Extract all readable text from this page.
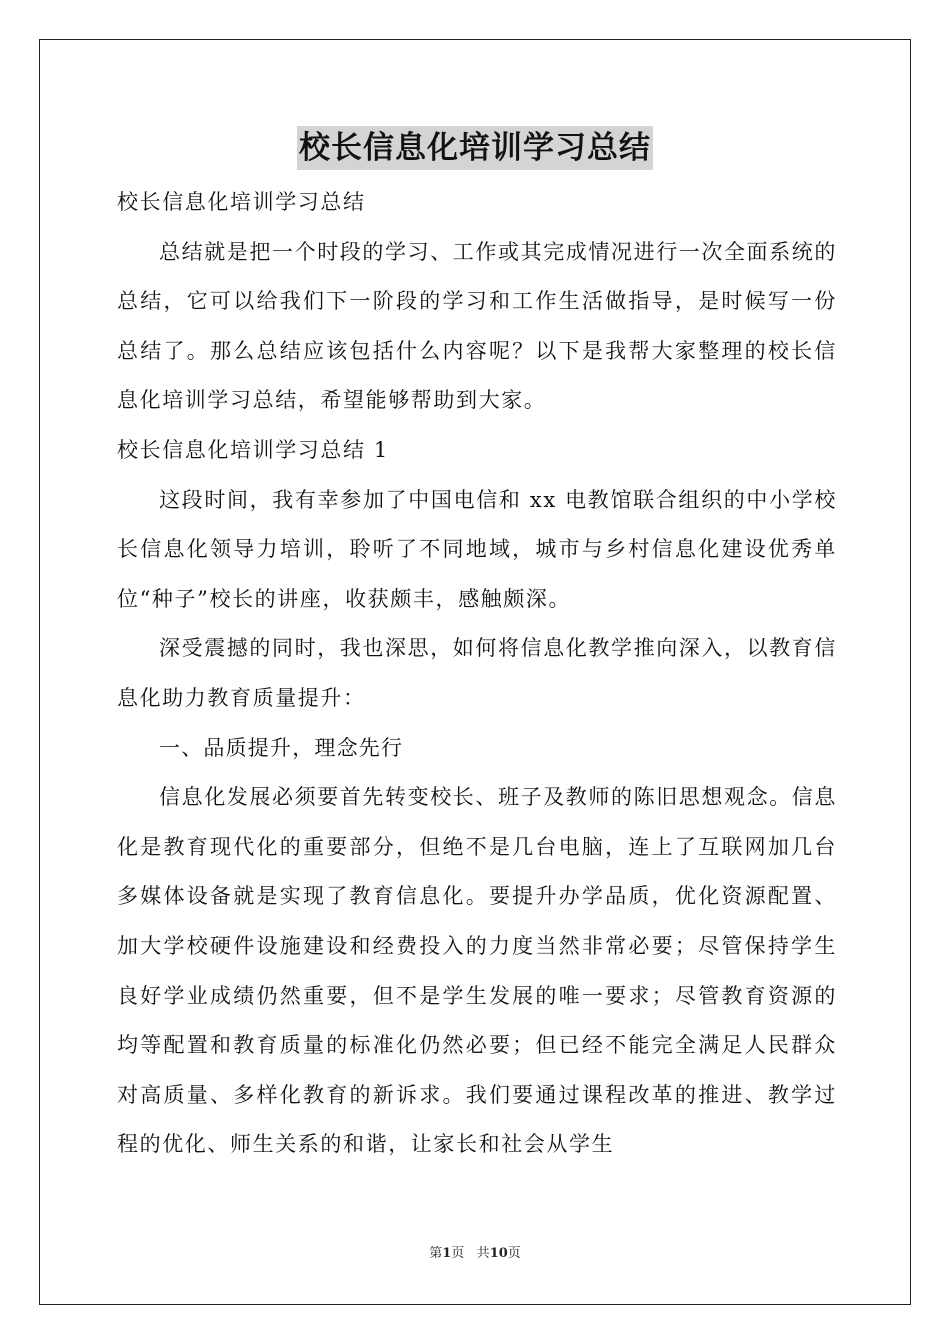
校长信息化培训学习总结

校长信息化培训学习总结

总结就是把一个时段的学习、工作或其完成情况进行一次全面系统的总结，它可以给我们下一阶段的学习和工作生活做指导，是时候写一份总结了。那么总结应该包括什么内容呢？以下是我帮大家整理的校长信息化培训学习总结，希望能够帮助到大家。

校长信息化培训学习总结 1

这段时间，我有幸参加了中国电信和 xx 电教馆联合组织的中小学校长信息化领导力培训，聆听了不同地域，城市与乡村信息化建设优秀单位“种子”校长的讲座，收获颇丰，感触颇深。

深受震撼的同时，我也深思，如何将信息化教学推向深入，以教育信息化助力教育质量提升：

一、品质提升，理念先行

信息化发展必须要首先转变校长、班子及教师的陈旧思想观念。信息化是教育现代化的重要部分，但绝不是几台电脑，连上了互联网加几台多媒体设备就是实现了教育信息化。要提升办学品质，优化资源配置、加大学校硬件设施建设和经费投入的力度当然非常必要；尽管保持学生良好学业成绩仍然重要，但不是学生发展的唯一要求；尽管教育资源的均等配置和教育质量的标准化仍然必要；但已经不能完全满足人民群众对高质量、多样化教育的新诉求。我们要通过课程改革的推进、教学过程的优化、师生关系的和谐，让家长和社会从学生

第1页 共10页
